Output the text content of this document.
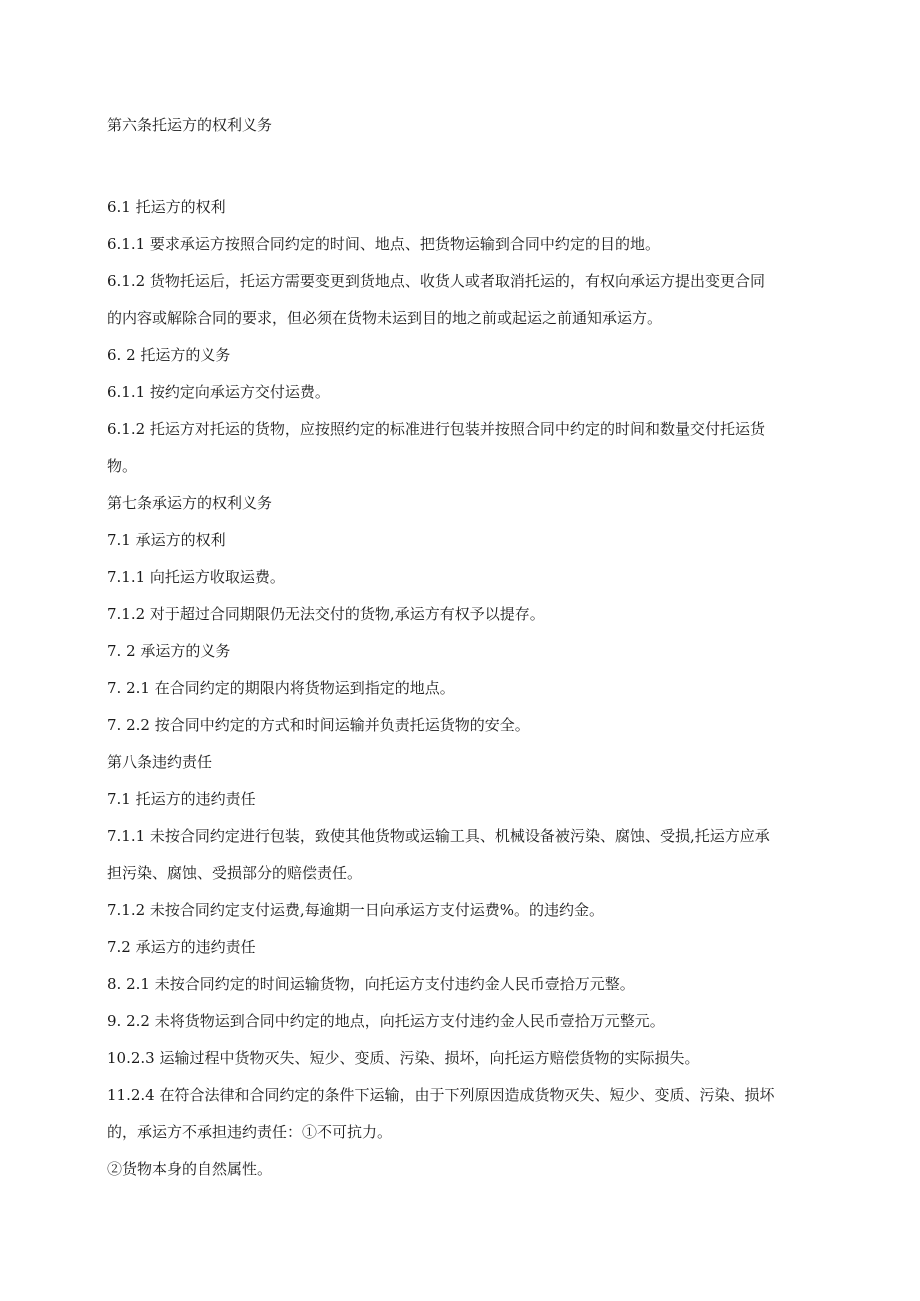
第六条托运方的权利义务

6.1 托运方的权利

6.1.1 要求承运方按照合同约定的时间、地点、把货物运输到合同中约定的目的地。

6.1.2 货物托运后，托运方需要变更到货地点、收货人或者取消托运的，有权向承运方提出变更合同
的内容或解除合同的要求，但必须在货物未运到目的地之前或起运之前通知承运方。

6. 2 托运方的义务

6.1.1 按约定向承运方交付运费。

6.1.2 托运方对托运的货物，应按照约定的标准进行包装并按照合同中约定的时间和数量交付托运货
物。

第七条承运方的权利义务

7.1 承运方的权利

7.1.1 向托运方收取运费。

7.1.2 对于超过合同期限仍无法交付的货物,承运方有权予以提存。

7. 2 承运方的义务

7. 2.1 在合同约定的期限内将货物运到指定的地点。

7. 2.2 按合同中约定的方式和时间运输并负责托运货物的安全。

第八条违约责任

7.1 托运方的违约责任

7.1.1 未按合同约定进行包装，致使其他货物或运输工具、机械设备被污染、腐蚀、受损,托运方应承
担污染、腐蚀、受损部分的赔偿责任。

7.1.2 未按合同约定支付运费,每逾期一日向承运方支付运费%。的违约金。

7.2 承运方的违约责任

8. 2.1 未按合同约定的时间运输货物，向托运方支付违约金人民币壹拾万元整。

9. 2.2 未将货物运到合同中约定的地点，向托运方支付违约金人民币壹拾万元整元。

10.2.3 运输过程中货物灭失、短少、变质、污染、损坏，向托运方赔偿货物的实际损失。

11.2.4 在符合法律和合同约定的条件下运输，由于下列原因造成货物灭失、短少、变质、污染、损坏
的，承运方不承担违约责任：①不可抗力。

②货物本身的自然属性。
